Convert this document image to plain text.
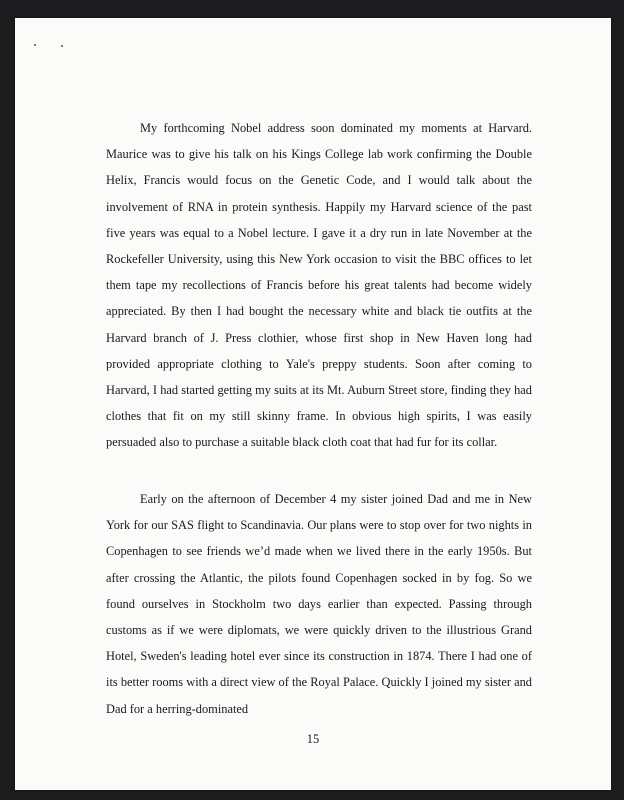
My forthcoming Nobel address soon dominated my moments at Harvard. Maurice was to give his talk on his Kings College lab work confirming the Double Helix, Francis would focus on the Genetic Code, and I would talk about the involvement of RNA in protein synthesis. Happily my Harvard science of the past five years was equal to a Nobel lecture. I gave it a dry run in late November at the Rockefeller University, using this New York occasion to visit the BBC offices to let them tape my recollections of Francis before his great talents had become widely appreciated. By then I had bought the necessary white and black tie outfits at the Harvard branch of J. Press clothier, whose first shop in New Haven long had provided appropriate clothing to Yale's preppy students. Soon after coming to Harvard, I had started getting my suits at its Mt. Auburn Street store, finding they had clothes that fit on my still skinny frame. In obvious high spirits, I was easily persuaded also to purchase a suitable black cloth coat that had fur for its collar.

Early on the afternoon of December 4 my sister joined Dad and me in New York for our SAS flight to Scandinavia. Our plans were to stop over for two nights in Copenhagen to see friends we’d made when we lived there in the early 1950s. But after crossing the Atlantic, the pilots found Copenhagen socked in by fog. So we found ourselves in Stockholm two days earlier than expected. Passing through customs as if we were diplomats, we were quickly driven to the illustrious Grand Hotel, Sweden's leading hotel ever since its construction in 1874. There I had one of its better rooms with a direct view of the Royal Palace. Quickly I joined my sister and Dad for a herring-dominated

15
